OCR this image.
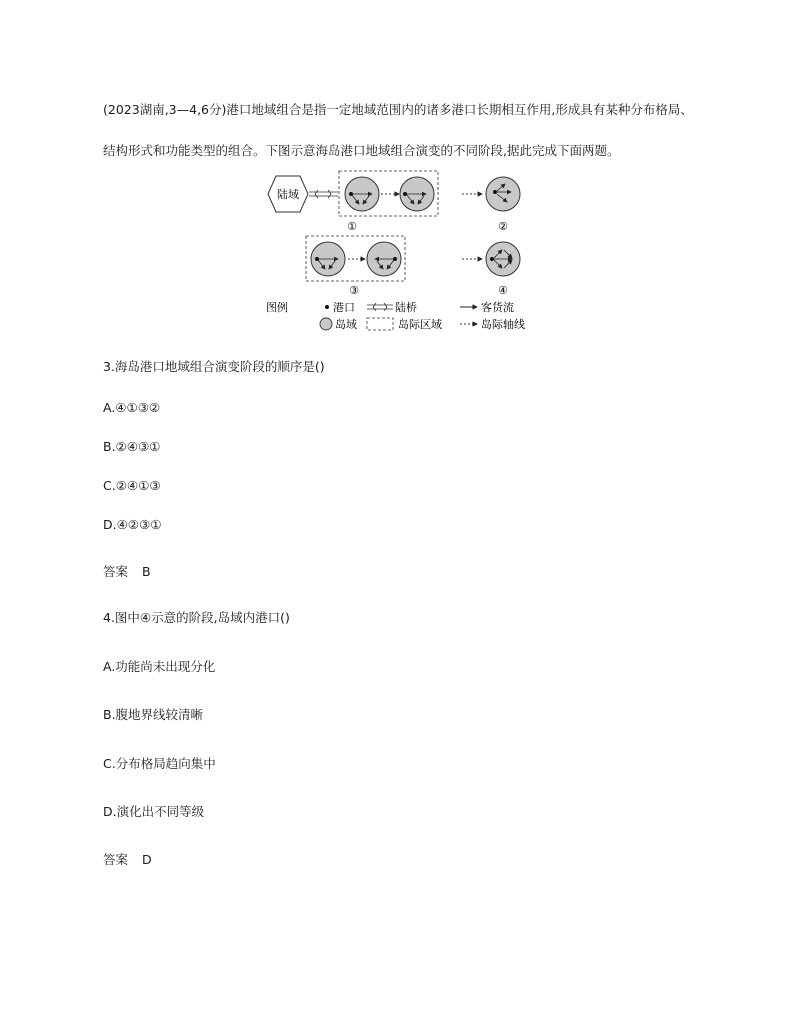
(2023湖南,3—4,6分)港口地域组合是指一定地域范围内的诸多港口长期相互作用,形成具有某种分布格局、结构形式和功能类型的组合。下图示意海岛港口地域组合演变的不同阶段,据此完成下面两题。
陆域
①	②
③	④
图例	港口	陆桥	客货流
岛域	岛际区域	岛际轴线
3.海岛港口地域组合演变阶段的顺序是()
A.④①③②
B.②④③①
C.②④①③
D.④②③①
答案 B
4.图中④示意的阶段,岛域内港口()
A.功能尚未出现分化
B.腹地界线较清晰
C.分布格局趋向集中
D.演化出不同等级
答案 D
